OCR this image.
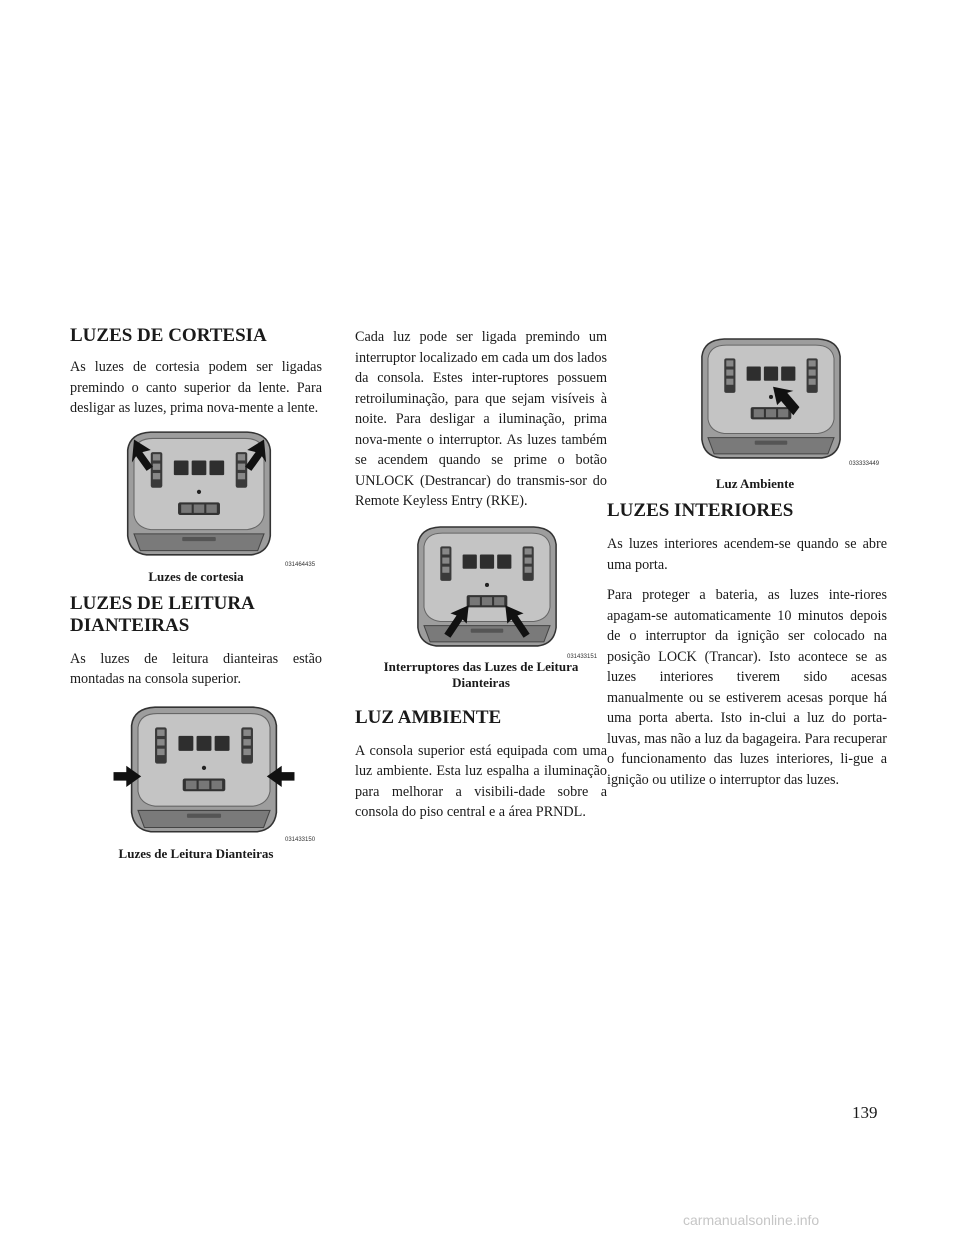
LUZES DE CORTESIA

As luzes de cortesia podem ser ligadas premindo o canto superior da lente. Para desligar as luzes, prima nova-mente a lente.

031464435
Luzes de cortesia
LUZES DE LEITURA DIANTEIRAS

As luzes de leitura dianteiras estão montadas na consola superior.

031433150
Luzes de Leitura Dianteiras

Cada luz pode ser ligada premindo um interruptor localizado em cada um dos lados da consola. Estes inter-ruptores possuem retroiluminação, para que sejam visíveis à noite. Para desligar a iluminação, prima nova-mente o interruptor. As luzes também se acendem quando se prime o botão UNLOCK (Destrancar) do transmis-sor do Remote Keyless Entry (RKE).

031433151
Interruptores das Luzes de Leitura
Dianteiras
LUZ AMBIENTE

A consola superior está equipada com uma luz ambiente. Esta luz espalha a iluminação para melhorar a visibili-dade sobre a consola do piso central e a área PRNDL.

033333449
Luz Ambiente
LUZES INTERIORES

As luzes interiores acendem-se quando se abre uma porta.

Para proteger a bateria, as luzes inte-riores apagam-se automaticamente 10 minutos depois de o interruptor da ignição ser colocado na posição LOCK (Trancar). Isto acontece se as luzes interiores tiverem sido acesas manualmente ou se estiverem acesas porque há uma porta aberta. Isto in-clui a luz do porta-luvas, mas não a luz da bagageira. Para recuperar o funcionamento das luzes interiores, li-gue a ignição ou utilize o interruptor das luzes.

139
carmanualsonline.info
